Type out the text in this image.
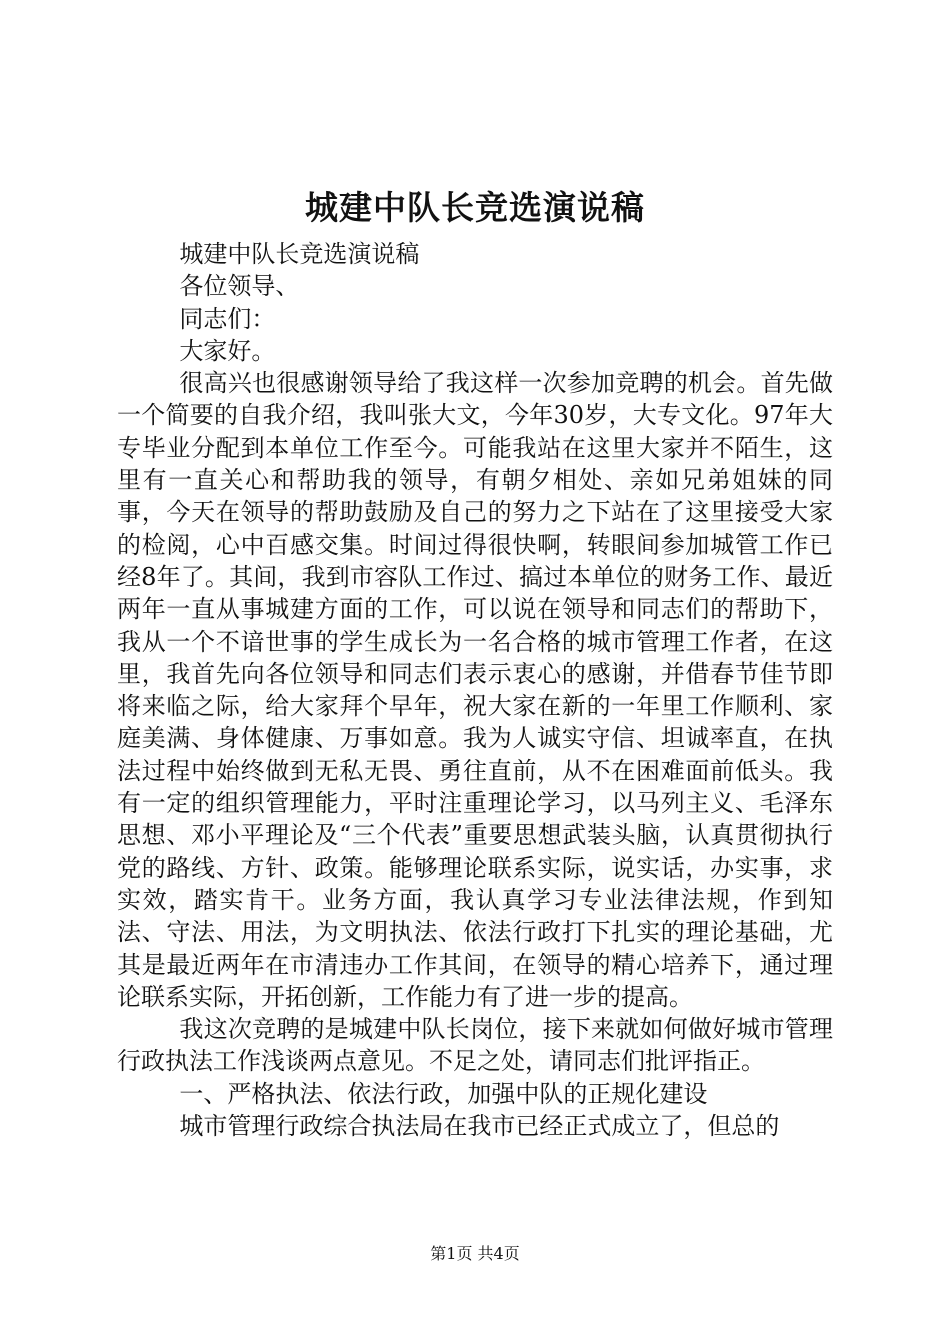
城建中队长竞选演说稿

城建中队长竞选演说稿

各位领导、

同志们：

大家好。

很高兴也很感谢领导给了我这样一次参加竞聘的机会。首先做一个简要的自我介绍，我叫张大文，今年30岁，大专文化。97年大专毕业分配到本单位工作至今。可能我站在这里大家并不陌生，这里有一直关心和帮助我的领导，有朝夕相处、亲如兄弟姐妹的同事，今天在领导的帮助鼓励及自己的努力之下站在了这里接受大家的检阅，心中百感交集。时间过得很快啊，转眼间参加城管工作已经8年了。其间，我到市容队工作过、搞过本单位的财务工作、最近两年一直从事城建方面的工作，可以说在领导和同志们的帮助下，我从一个不谙世事的学生成长为一名合格的城市管理工作者，在这里，我首先向各位领导和同志们表示衷心的感谢，并借春节佳节即将来临之际，给大家拜个早年，祝大家在新的一年里工作顺利、家庭美满、身体健康、万事如意。我为人诚实守信、坦诚率直，在执法过程中始终做到无私无畏、勇往直前，从不在困难面前低头。我有一定的组织管理能力，平时注重理论学习，以马列主义、毛泽东思想、邓小平理论及“三个代表”重要思想武装头脑，认真贯彻执行党的路线、方针、政策。能够理论联系实际，说实话，办实事，求实效，踏实肯干。业务方面，我认真学习专业法律法规，作到知法、守法、用法，为文明执法、依法行政打下扎实的理论基础，尤其是最近两年在市清违办工作其间，在领导的精心培养下，通过理论联系实际，开拓创新，工作能力有了进一步的提高。

我这次竞聘的是城建中队长岗位，接下来就如何做好城市管理行政执法工作浅谈两点意见。不足之处，请同志们批评指正。

一、严格执法、依法行政，加强中队的正规化建设

城市管理行政综合执法局在我市已经正式成立了，但总的

第1页 共4页
